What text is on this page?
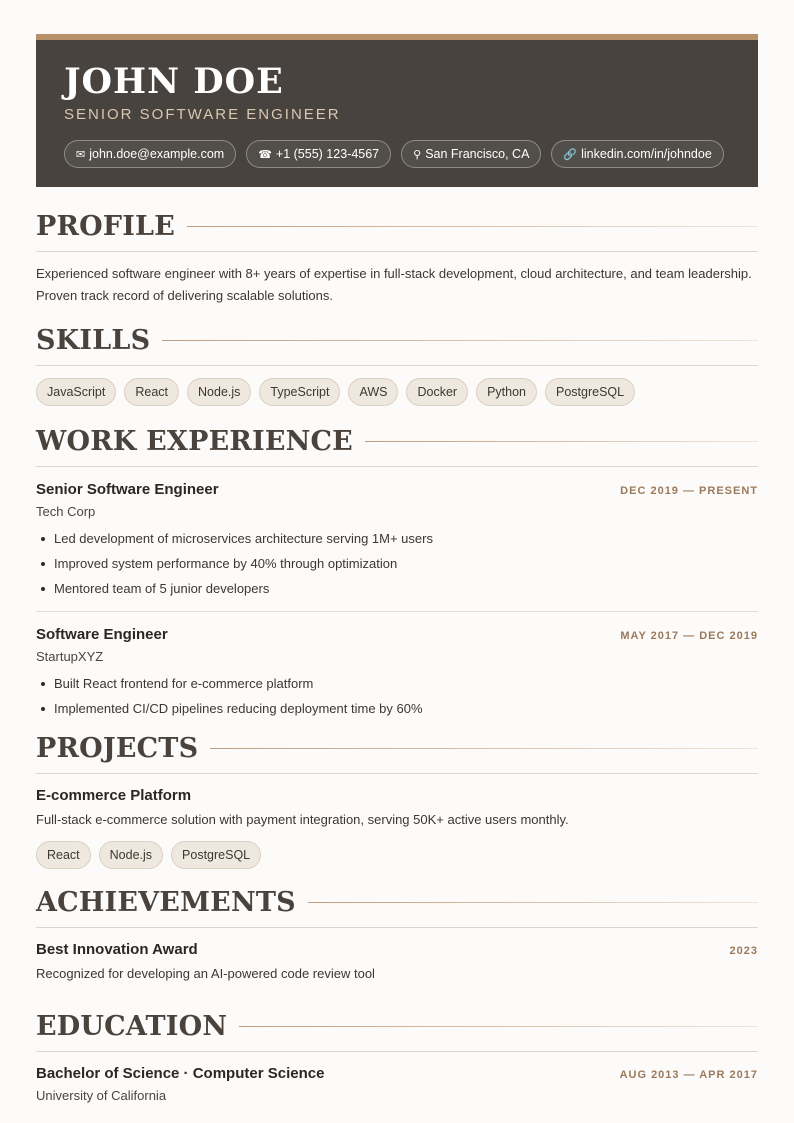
JOHN DOE
SENIOR SOFTWARE ENGINEER
✉ john.doe@example.com	☎ +1 (555) 123-4567	⚲ San Francisco, CA	🔗 linkedin.com/in/johndoe
PROFILE
Experienced software engineer with 8+ years of expertise in full-stack development, cloud architecture, and team leadership. Proven track record of delivering scalable solutions.
SKILLS
JavaScript	React	Node.js	TypeScript	AWS	Docker	Python	PostgreSQL
WORK EXPERIENCE
Senior Software Engineer	DEC 2019 — PRESENT
Tech Corp
Led development of microservices architecture serving 1M+ users
Improved system performance by 40% through optimization
Mentored team of 5 junior developers
Software Engineer	MAY 2017 — DEC 2019
StartupXYZ
Built React frontend for e-commerce platform
Implemented CI/CD pipelines reducing deployment time by 60%
PROJECTS
E-commerce Platform
Full-stack e-commerce solution with payment integration, serving 50K+ active users monthly.
React	Node.js	PostgreSQL
ACHIEVEMENTS
Best Innovation Award	2023
Recognized for developing an AI-powered code review tool
EDUCATION
Bachelor of Science · Computer Science	AUG 2013 — APR 2017
University of California
